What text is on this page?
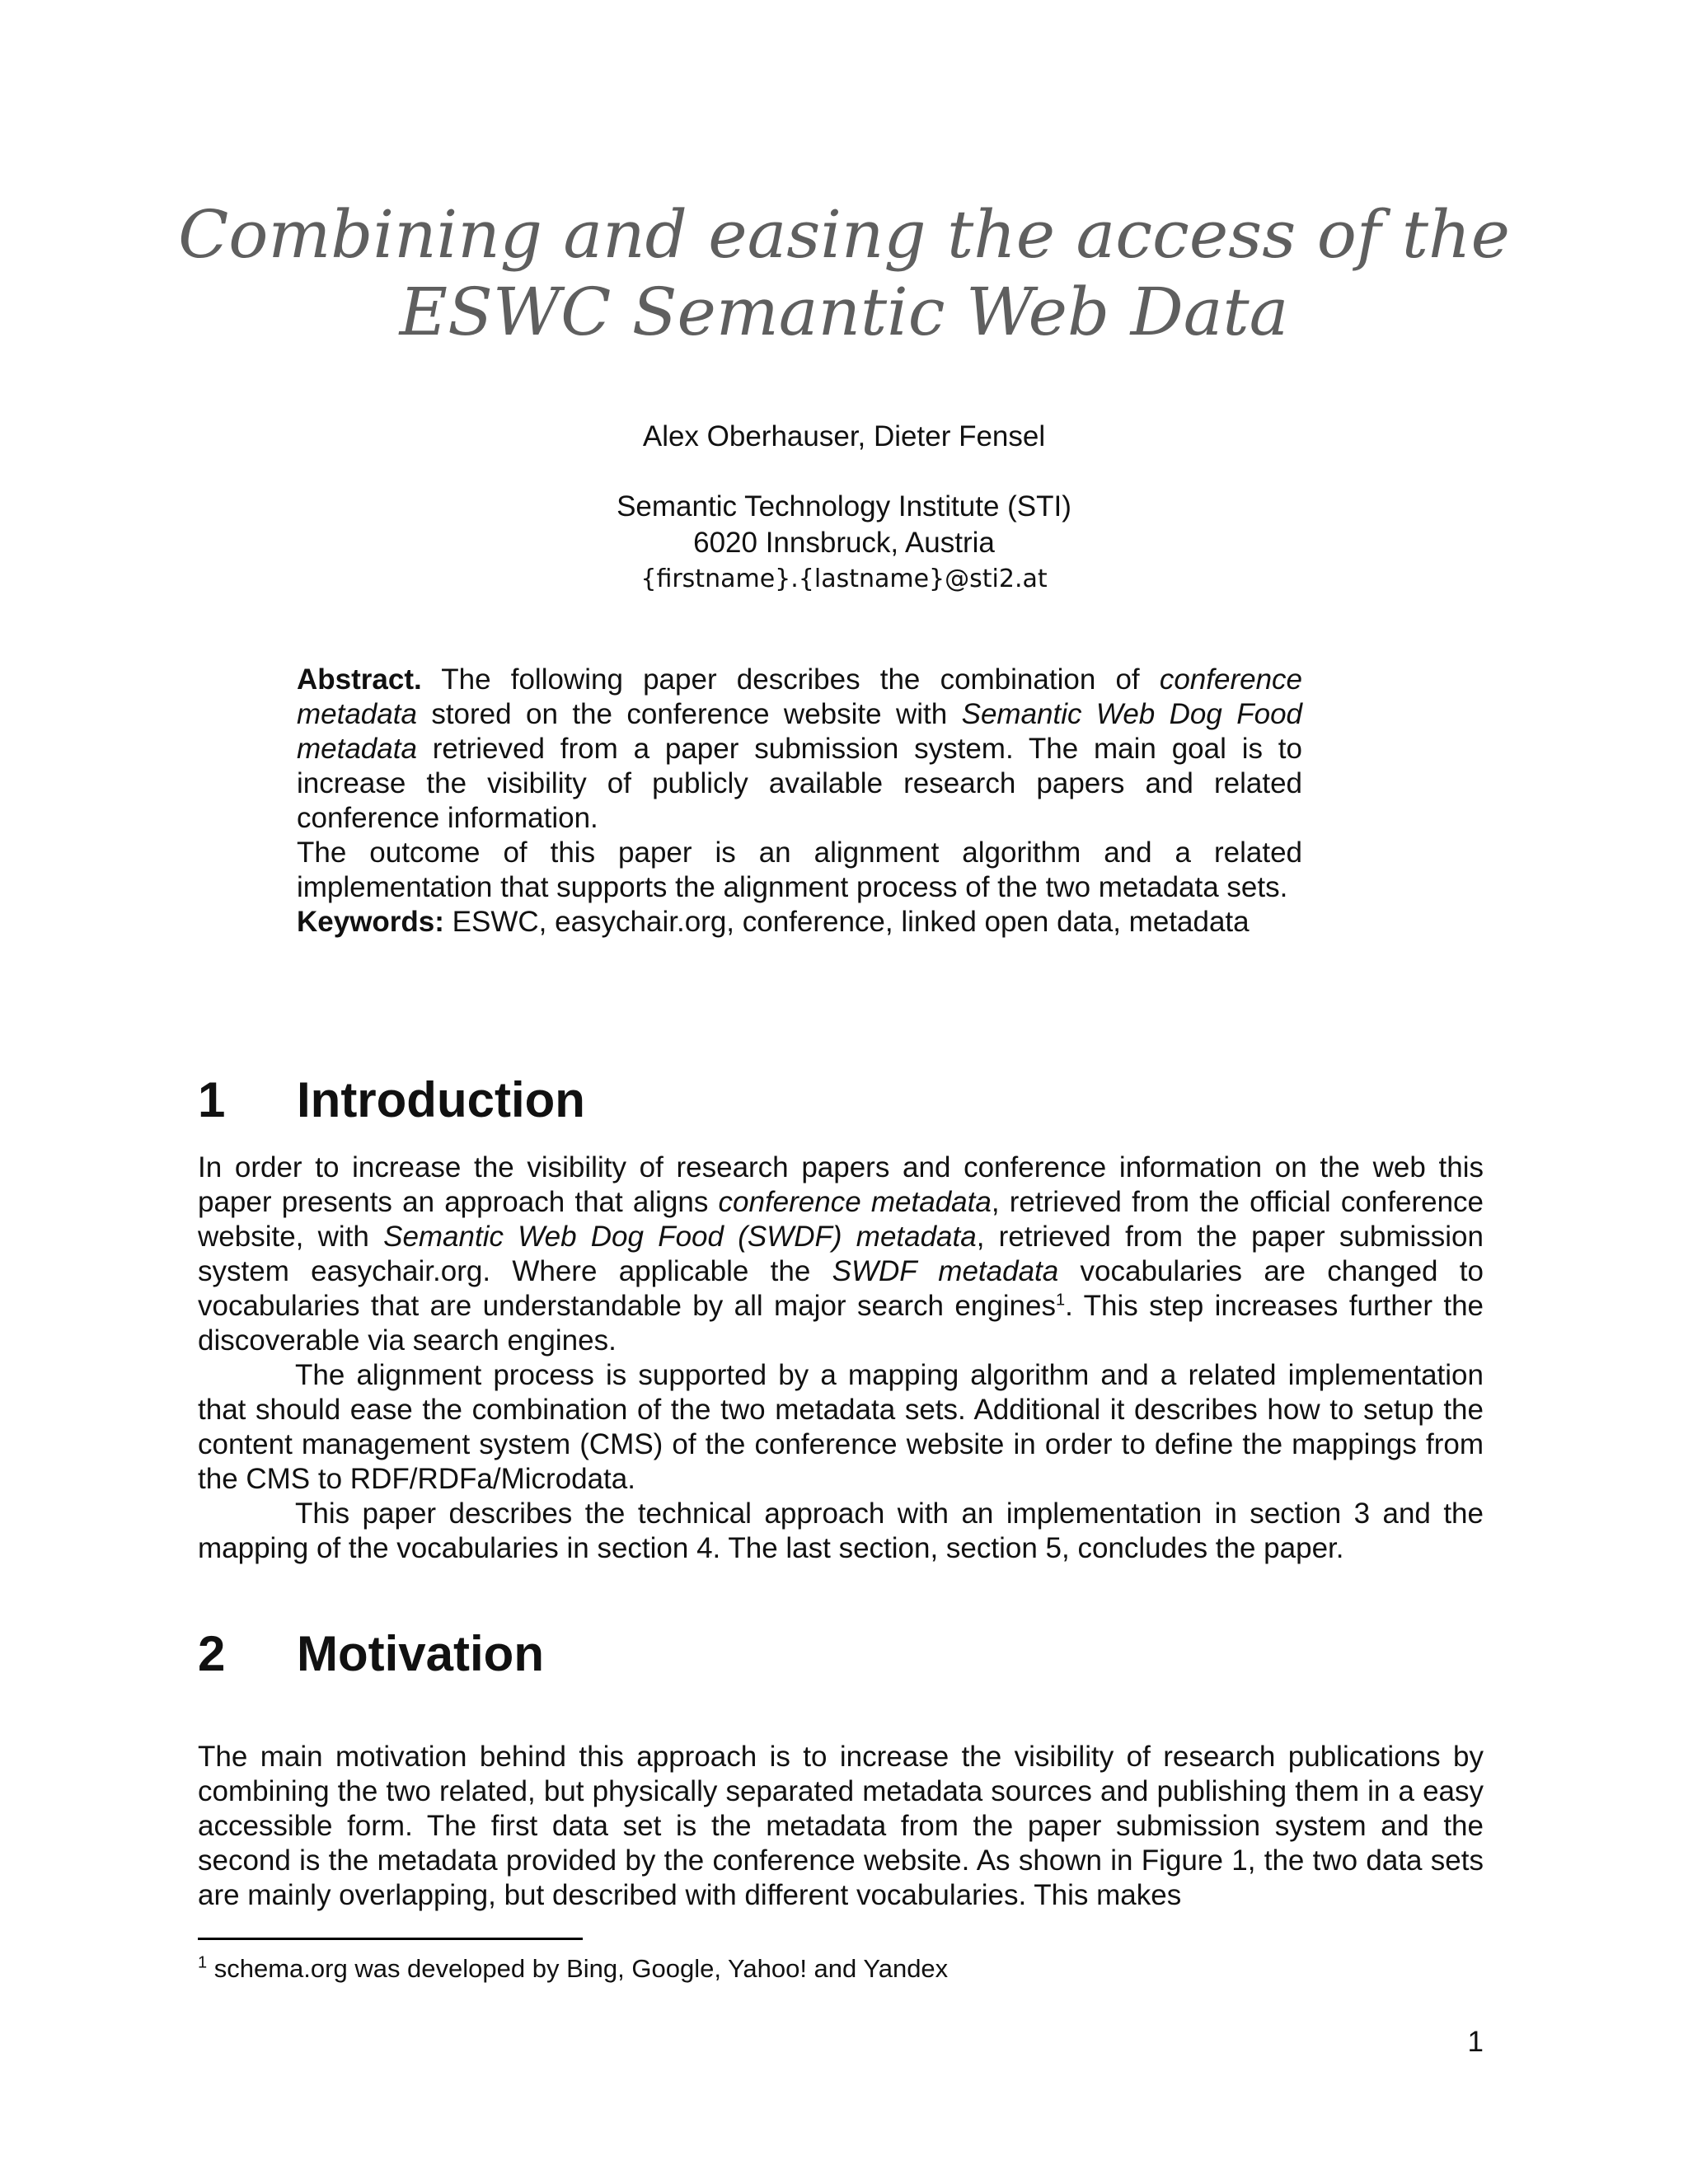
Combining and easing the access of the
ESWC Semantic Web Data
Alex Oberhauser, Dieter Fensel
Semantic Technology Institute (STI)
6020 Innsbruck, Austria
{firstname}.{lastname}@sti2.at

Abstract. The following paper describes the combination of conference metadata stored on the conference website with Semantic Web Dog Food metadata retrieved from a paper submission system. The main goal is to increase the visibility of publicly available research papers and related conference information.

The outcome of this paper is an alignment algorithm and a related implementation that supports the alignment process of the two metadata sets.

Keywords: ESWC, easychair.org, conference, linked open data, metadata

1 Introduction

In order to increase the visibility of research papers and conference information on the web this paper presents an approach that aligns conference metadata, retrieved from the official conference website, with Semantic Web Dog Food (SWDF) metadata, retrieved from the paper submission system easychair.org. Where applicable the SWDF metadata vocabularies are changed to vocabularies that are understandable by all major search engines$^1$. This step increases further the discoverable via search engines.

The alignment process is supported by a mapping algorithm and a related implementation that should ease the combination of the two metadata sets. Additional it describes how to setup the content management system (CMS) of the conference website in order to define the mappings from the CMS to RDF/RDFa/Microdata.

This paper describes the technical approach with an implementation in section 3 and the mapping of the vocabularies in section 4. The last section, section 5, concludes the paper.

2 Motivation

The main motivation behind this approach is to increase the visibility of research publications by combining the two related, but physically separated metadata sources and publishing them in a easy accessible form. The first data set is the metadata from the paper submission system and the second is the metadata provided by the conference website. As shown in Figure 1, the two data sets are mainly overlapping, but described with different vocabularies. This makes

$^1$ schema.org was developed by Bing, Google, Yahoo! and Yandex
1
